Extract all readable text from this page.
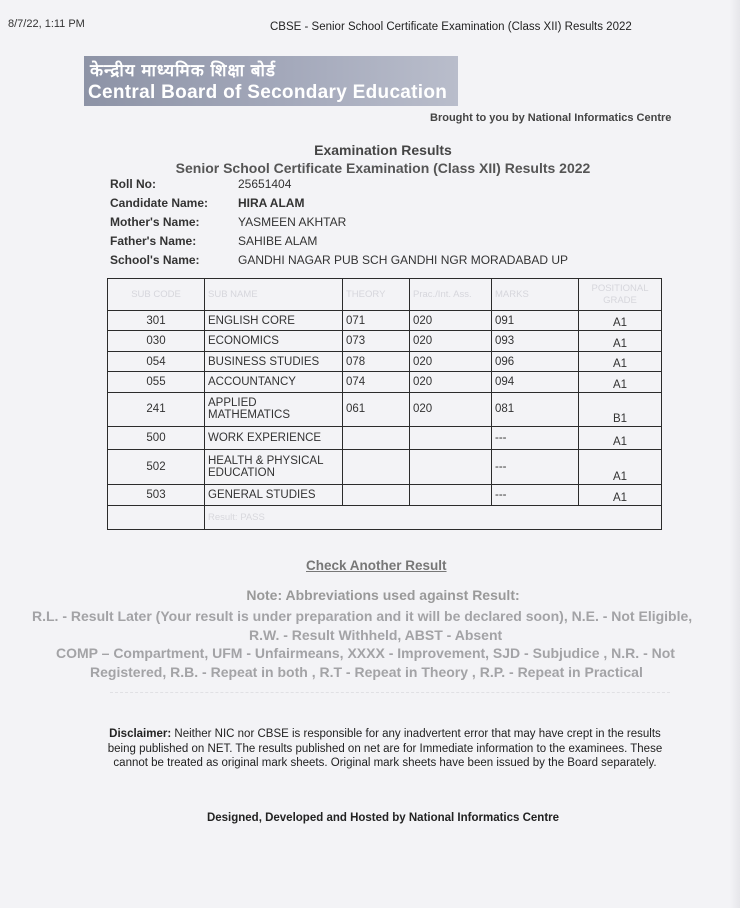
8/7/22, 1:11 PM	CBSE - Senior School Certificate Examination (Class XII) Results 2022
केन्द्रीय माध्यमिक शिक्षा बोर्ड
Central Board of Secondary Education
Brought to you by National Informatics Centre
Examination Results
Senior School Certificate Examination (Class XII) Results 2022
Roll No:	25651404
Candidate Name: HIRA ALAM
Mother's Name:	YASMEEN AKHTAR
Father's Name:	SAHIBE ALAM
School's Name:	GANDHI NAGAR PUB SCH GANDHI NGR MORADABAD UP
SUB CODE	SUB NAME	THEORY	Prac./Int. Ass.	MARKS	POSITIONAL GRADE
301	ENGLISH CORE	071	020	091	A1
030	ECONOMICS	073	020	093	A1
054	BUSINESS STUDIES	078	020	096	A1
055	ACCOUNTANCY	074	020	094	A1
241	APPLIED MATHEMATICS	061	020	081	B1
500	WORK EXPERIENCE			---	A1
502	HEALTH & PHYSICAL EDUCATION			---	A1
503	GENERAL STUDIES			---	A1
	Result: PASS				
Check Another Result
Note: Abbreviations used against Result:
R.L. - Result Later (Your result is under preparation and it will be declared soon), N.E. - Not Eligible,
R.W. - Result Withheld, ABST - Absent
COMP – Compartment, UFM - Unfairmeans, XXXX - Improvement, SJD - Subjudice , N.R. - Not
Registered, R.B. - Repeat in both , R.T - Repeat in Theory , R.P. - Repeat in Practical
Disclaimer: Neither NIC nor CBSE is responsible for any inadvertent error that may have crept in the results being published on NET. The results published on net are for Immediate information to the examinees. These cannot be treated as original mark sheets. Original mark sheets have been issued by the Board separately.
Designed, Developed and Hosted by National Informatics Centre
